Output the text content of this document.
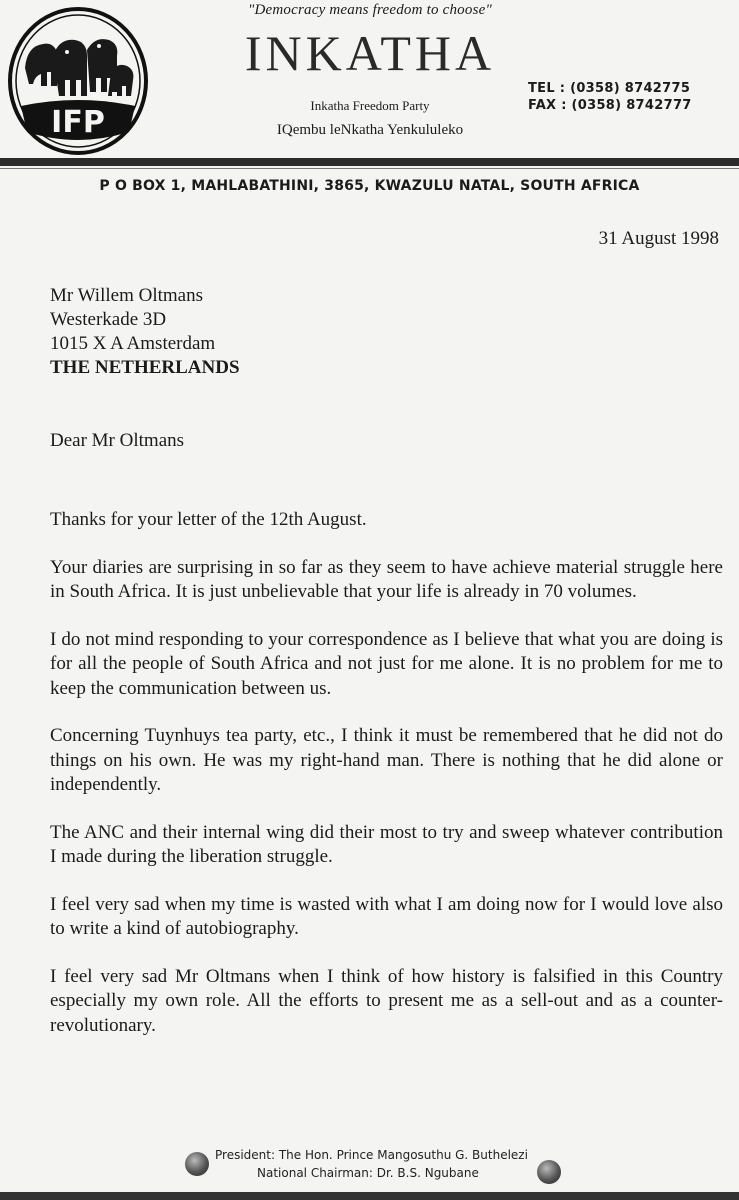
IFP
"Democracy means freedom to choose"
INKATHA
Inkatha Freedom Party
IQembu leNkatha Yenkululeko
TEL : (0358) 8742775
FAX : (0358) 8742777
P O BOX 1, MAHLABATHINI, 3865, KWAZULU NATAL, SOUTH AFRICA
31 August 1998
Mr Willem Oltmans
Westerkade 3D
1015 X A Amsterdam
THE NETHERLANDS
Dear Mr Oltmans

Thanks for your letter of the 12th August.

Your diaries are surprising in so far as they seem to have achieve material struggle here in South Africa. It is just unbelievable that your life is already in 70 volumes.

I do not mind responding to your correspondence as I believe that what you are doing is for all the people of South Africa and not just for me alone. It is no problem for me to keep the communication between us.

Concerning Tuynhuys tea party, etc., I think it must be remembered that he did not do things on his own. He was my right-hand man. There is nothing that he did alone or independently.

The ANC and their internal wing did their most to try and sweep whatever contribution I made during the liberation struggle.

I feel very sad when my time is wasted with what I am doing now for I would love also to write a kind of autobiography.

I feel very sad Mr Oltmans when I think of how history is falsified in this Country especially my own role. All the efforts to present me as a sell-out and as a counter-revolutionary.

President: The Hon. Prince Mangosuthu G. Buthelezi
National Chairman: Dr. B.S. Ngubane
